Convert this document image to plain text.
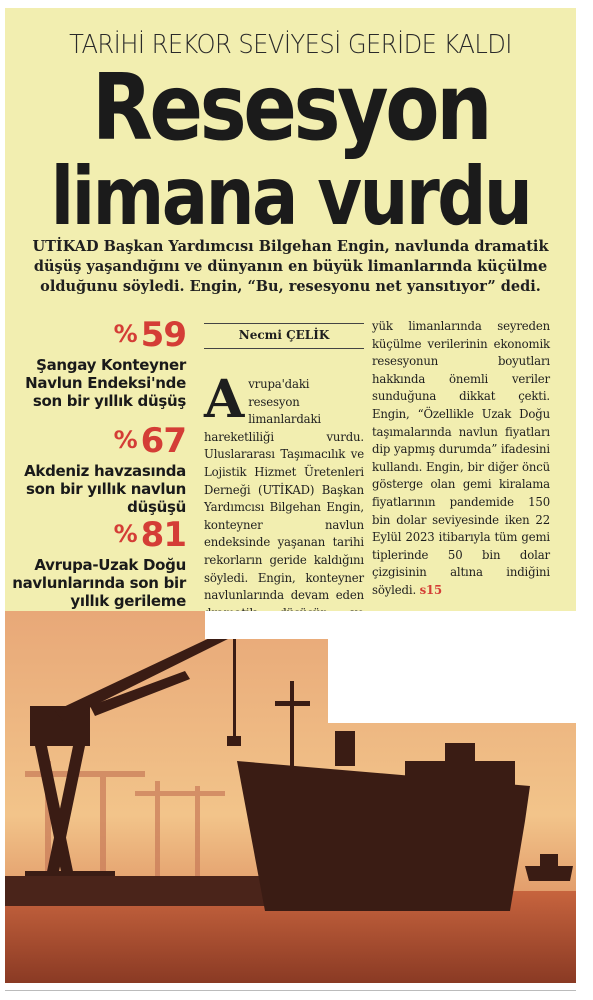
TARİHİ REKOR SEVİYESİ GERİDE KALDI
Resesyon
limana vurdu
UTİKAD Başkan Yardımcısı Bilgehan Engin, navlunda dramatik düşüş yaşandığını ve dünyanın en büyük limanlarında küçülme olduğunu söyledi. Engin, “Bu, resesyonu net yansıtıyor” dedi.
%59
Şangay Konteyner Navlun Endeksi'nde son bir yıllık düşüş
%67
Akdeniz havzasında son bir yıllık navlun düşüşü
%81
Avrupa-Uzak Doğu navlunlarında son bir yıllık gerileme
Necmi ÇELİK

Avrupa'daki resesyon limanlardaki hareketliliği vurdu. Uluslararası Taşımacılık ve Lojistik Hizmet Üretenleri Derneği (UTİKAD) Başkan Yardımcısı Bilgehan Engin, konteyner navlun endeksinde yaşanan tarihi rekorların geride kaldığını söyledi. Engin, konteyner navlunlarında devam eden

yük limanlarında seyreden küçülme verilerinin ekonomik resesyonun boyutları hakkında önemli veriler sunduğuna dikkat çekti. Engin, “Özellikle Uzak Doğu taşımalarında navlun fiyatları dip yapmış durumda” ifadesini kullandı. Engin, bir diğer öncü gösterge olan gemi kiralama fiyatlarının pandemide 150 bin dolar seviyesinde iken 22 Eylül 2023 itibarıyla tüm gemi tiplerinde 50 bin dolar çizgisinin altına indiğini söyledi. s15
